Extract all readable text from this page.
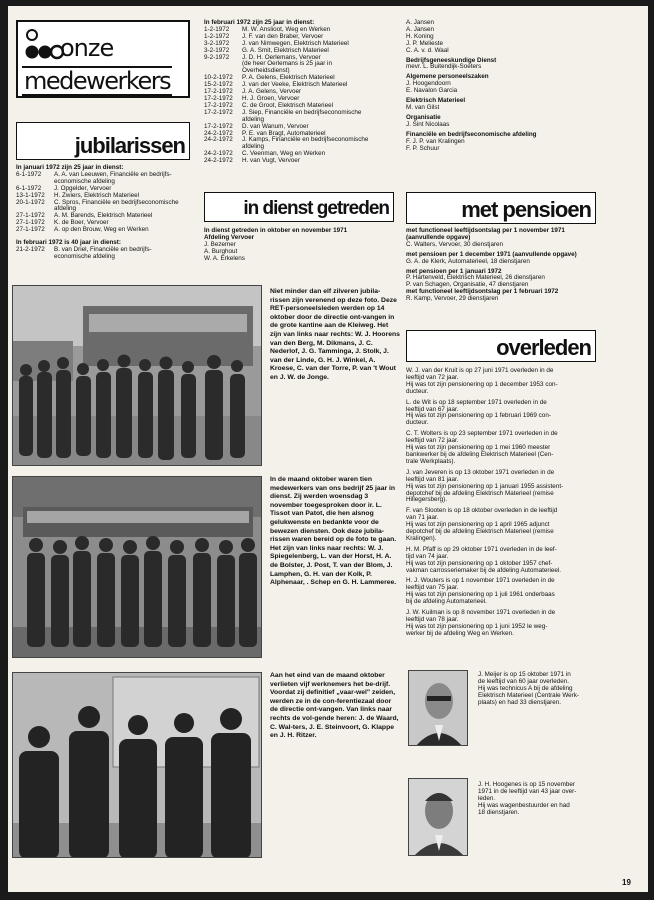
onze
medewerkers
jubilarissen
In januari 1972 zijn 25 jaar in dienst:
6-1-1972	A. A. van Leeuwen, Financiële en bedrijfs-
economische afdeling
6-1-1972	J. Opgelder, Vervoer
13-1-1972	H. Zwiers, Elektrisch Materieel
20-1-1972	C. Spros, Financiële en bedrijfseconomische
afdeling
27-1-1972	A. M. Barends, Elektrisch Materieel
27-1-1972	K. de Boer, Vervoer
27-1-1972	A. op den Brouw, Weg en Werken
In februari 1972 is 40 jaar in dienst:
21-2-1972	B. van Driel, Financiële en bedrijfs-
economische afdeling
In februari 1972 zijn 25 jaar in dienst:
1-2-1972	M. W. Anslioot, Weg en Werken
1-2-1972	J. F. van den Braber, Vervoer
3-2-1972	J. van Nimwegen, Elektrisch Materieel
3-2-1972	G. A. Smit, Elektrisch Materieel
9-2-1972	J. D. H. Oerlemans, Vervoer
(de heer Oerlemans is 25 jaar in
Overheidsdienst)
10-2-1972	P. A. Gelens, Elektrisch Materieel
15-2-1972	J. van der Veeke, Elektrisch Materieel
17-2-1972	J. A. Gelens, Vervoer
17-2-1972	H. J. Groen, Vervoer
17-2-1972	C. de Groot, Elektrisch Materieel
17-2-1972	J. Siep, Financiële en bedrijfseconomische
afdeling
17-2-1972	D. van Wanum, Vervoer
24-2-1972	P. E. van Bragt, Automaterieel
24-2-1972	J. Kamps, Financiële en bedrijfseconomische
afdeling
24-2-1972	C. Veenman, Weg en Werken
24-2-1972	H. van Vugt, Vervoer
A. Jansen
A. Jansen
H. Koning
J. P. Melieste
C. A. v. d. Waal

Bedrijfsgeneeskundige Dienst
mevr. L. Buitendijk-Soeters

Algemene personeelszaken
J. Hoogendoorn
E. Navalon Garcia

Elektrisch Materieel
M. van Gilst

Organisatie
J. Sint Nicolaas

Financiële en bedrijfseconomische afdeling
F. J. P. van Kralingen
F. P. Schuur
in dienst getreden
In dienst getreden in oktober en november 1971
Afdeling Vervoer
J. Bezemer
A. Burghout
W. A. Erkelens
met pensioen
met functioneel leeftijdsontslag per 1 november 1971
(aanvullende opgave)
C. Walters, Vervoer, 30 dienstjaren

met pensioen per 1 december 1971 (aanvullende opgave)
G. A. de Klerk, Automaterieel, 18 dienstjaren

met pensioen per 1 januari 1972
P. Hartenveld, Elektrisch Materieel, 26 dienstjaren
P. van Schagen, Organisatie, 47 dienstjaren
met functioneel leeftijdsontslag per 1 februari 1972
R. Kamp, Vervoer, 29 dienstjaren
overleden

W. J. van der Kruit is op 27 juni 1971 overleden in de
leeftijd van 72 jaar.
Hij was tot zijn pensionering op 1 december 1953 con-
ducteur.

L. de Wit is op 18 september 1971 overleden in de
leeftijd van 67 jaar.
Hij was tot zijn pensionering op 1 februari 1969 con-
ducteur.

C. T. Wolters is op 23 september 1971 overleden in de
leeftijd van 72 jaar.
Hij was tot zijn pensionering op 1 mei 1960 meester
bankwerker bij de afdeling Elektrisch Materieel (Cen-
trale Werkplaats).

J. van Jeveren is op 13 oktober 1971 overleden in de
leeftijd van 81 jaar.
Hij was tot zijn pensionering op 1 januari 1955 assistent-
depotchef bij de afdeling Elektrisch Materieel (remise
Hillegersberg).

F. van Slooten is op 18 oktober overleden in de leeftijd
van 71 jaar.
Hij was tot zijn pensionering op 1 april 1965 adjunct
depotchef bij de afdeling Elektrisch Materieel (remise
Kralingen).

H. M. Pfaff is op 29 oktober 1971 overleden in de leef-
tijd van 74 jaar.
Hij was tot zijn pensionering op 1 oktober 1957 chef-
vakman carrosseriemaker bij de afdeling Automaterieel.

H. J. Wouters is op 1 november 1971 overleden in de
leeftijd van 75 jaar.
Hij was tot zijn pensionering op 1 juli 1961 onderbaas
bij de afdeling Automaterieel.

J. W. Kuilman is op 8 november 1971 overleden in de
leeftijd van 78 jaar.
Hij was tot zijn pensionering op 1 juni 1952 le weg-
werker bij de afdeling Weg en Werken.

J. Meijer is op 15 oktober 1971 in
de leeftijd van 60 jaar overleden.
Hij was technicus A bij de afdeling
Elektrisch Materieel (Centrale Werk-
plaats) en had 33 dienstjaren.
J. H. Hoogenes is op 15 november
1971 in de leeftijd van 43 jaar over-
leden.
Hij was wagenbestuurder en had
18 dienstjaren.
Niet minder dan elf zilveren jubila-rissen zijn verenend op deze foto. Deze RET-personeelsleden werden op 14 oktober door de directie ont-vangen in de grote kantine aan de Kleiweg. Het zijn van links naar rechts: W. J. Hoorens van den Berg, M. Dikmans, J. C. Nederlof, J. G. Tamminga, J. Stolk, J. van der Linde, G. H. J. Winkel, A. Kroese, C. van der Torre, P. van 't Wout en J. W. de Jonge.
In de maand oktober waren tien medewerkers van ons bedrijf 25 jaar in dienst. Zij werden woensdag 3 november toegesproken door ir. L. Tissot van Patot, die hen alsnog gelukwenste en bedankte voor de bewezen diensten. Ook deze jubila-rissen waren bereid op de foto te gaan. Het zijn van links naar rechts: W. J. Spiegelenberg, L. van der Horst, H. A. de Bolster, J. Post, T. van der Blom, J. Lamphen, G. H. van der Kolk, P. Alphenaar, . Schep en G. H. Lammeree.
Aan het eind van de maand oktober verlieten vijf werknemers het be-drijf. Voordat zij definitief „vaar-wel" zeiden, werden ze in de con-ferentiezaal door de directie ont-vangen. Van links naar rechts de vol-gende heren: J. de Waard, C. Wal-ters, J. E. Steinvoort, G. Klappe en J. H. Ritzer.
19
